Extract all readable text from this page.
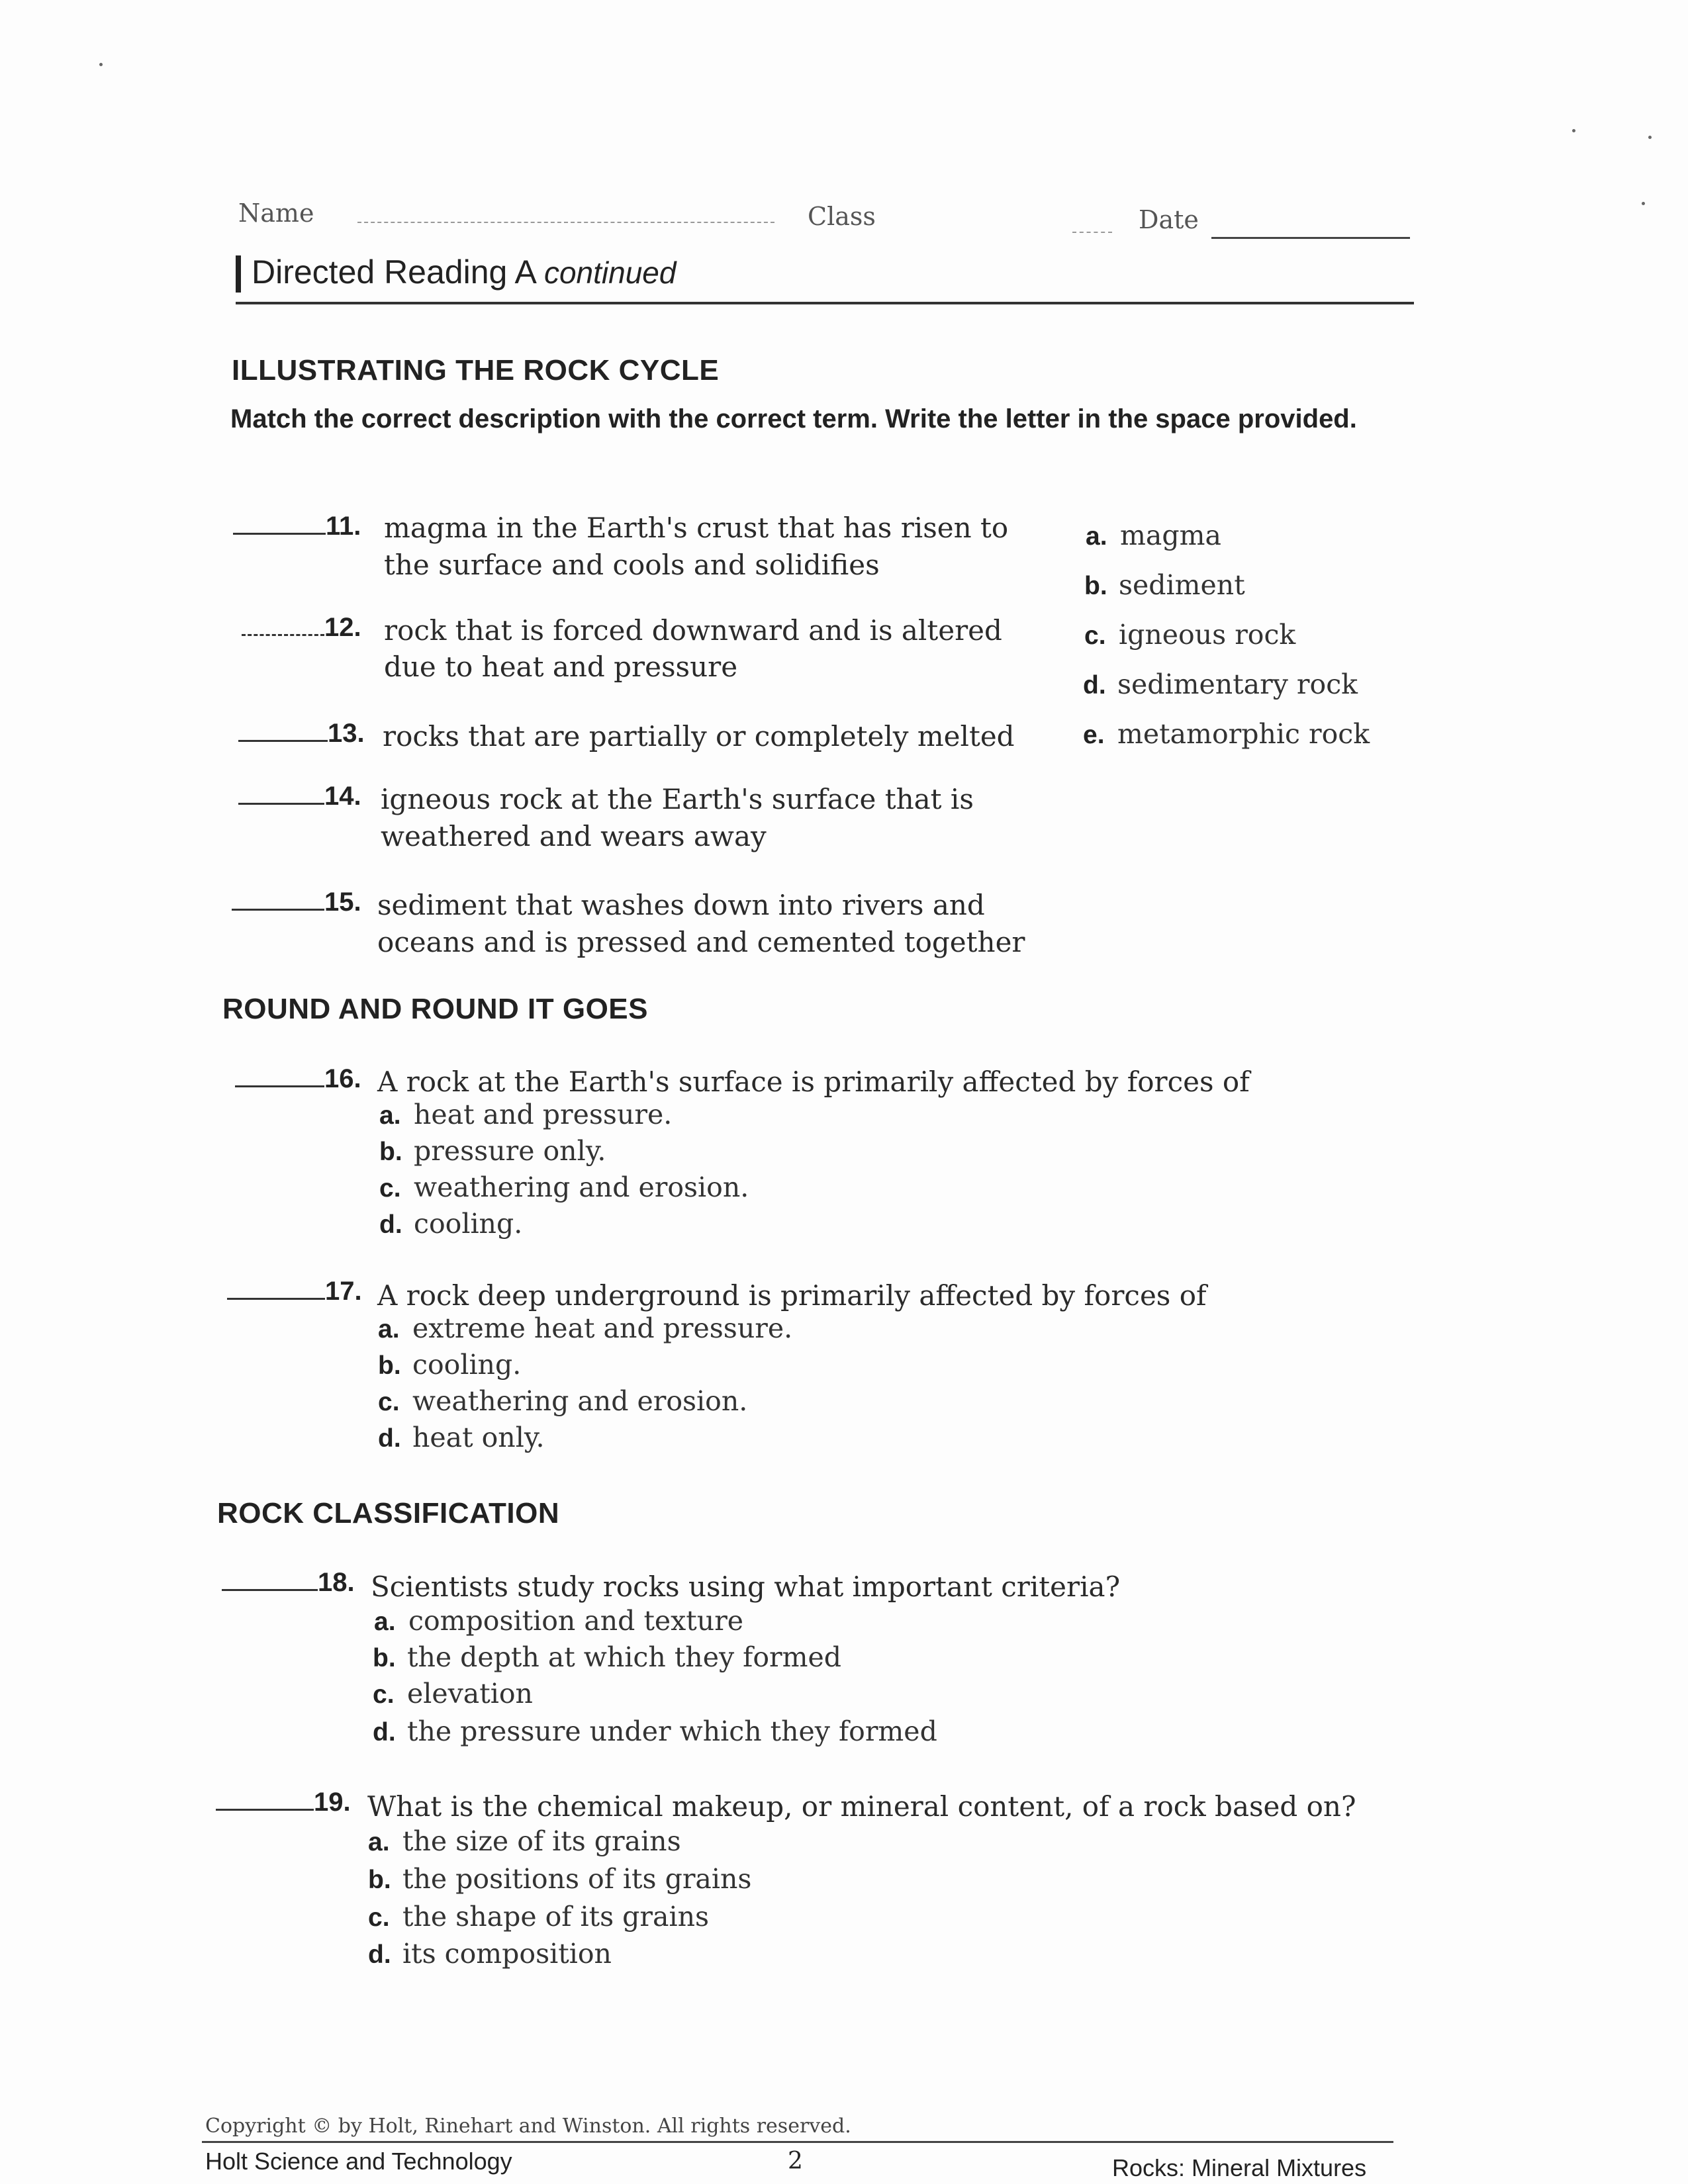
Name	Class	Date
Directed Reading A continued
ILLUSTRATING THE ROCK CYCLE
Match the correct description with the correct term. Write the letter in the space provided.
11. magma in the Earth's crust that has risen to
the surface and cools and solidifies
12. rock that is forced downward and is altered
due to heat and pressure
13. rocks that are partially or completely melted
14. igneous rock at the Earth's surface that is
weathered and wears away
15. sediment that washes down into rivers and
oceans and is pressed and cemented together
a. magma
b. sediment
c. igneous rock
d. sedimentary rock
e. metamorphic rock
ROUND AND ROUND IT GOES
16. A rock at the Earth's surface is primarily affected by forces of
a. heat and pressure.
b. pressure only.
c. weathering and erosion.
d. cooling.
17. A rock deep underground is primarily affected by forces of
a. extreme heat and pressure.
b. cooling.
c. weathering and erosion.
d. heat only.
ROCK CLASSIFICATION
18. Scientists study rocks using what important criteria?
a. composition and texture
b. the depth at which they formed
c. elevation
d. the pressure under which they formed
19. What is the chemical makeup, or mineral content, of a rock based on?
a. the size of its grains
b. the positions of its grains
c. the shape of its grains
d. its composition
Copyright © by Holt, Rinehart and Winston. All rights reserved.
Holt Science and Technology	2	Rocks: Mineral Mixtures
